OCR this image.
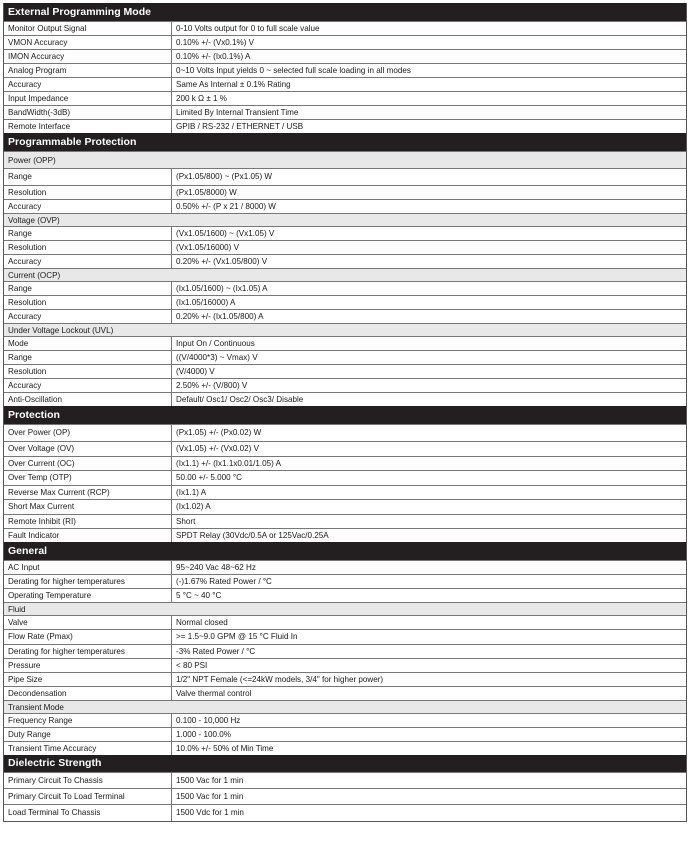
External Programming Mode
Monitor Output Signal	0-10 Volts output for 0 to full scale value
VMON Accuracy	0.10% +/- (Vx0.1%) V
IMON Accuracy	0.10% +/- (Ix0.1%) A
Analog Program	0~10 Volts Input yields 0 ~ selected full scale loading in all modes
Accuracy	Same As Internal ± 0.1% Rating
Input Impedance	200 k Ω ± 1 %
BandWidth(-3dB)	Limited By Internal Transient Time
Remote Interface	GPIB / RS-232 / ETHERNET / USB
Programmable Protection
Power (OPP)
Range	(Px1.05/800) ~ (Px1.05) W
Resolution	(Px1.05/8000) W
Accuracy	0.50% +/- (P x 21 / 8000) W
Voltage (OVP)
Range	(Vx1.05/1600) ~ (Vx1.05) V
Resolution	(Vx1.05/16000) V
Accuracy	0.20% +/- (Vx1.05/800) V
Current (OCP)
Range	(Ix1.05/1600) ~ (Ix1.05) A
Resolution	(Ix1.05/16000) A
Accuracy	0.20% +/- (Ix1.05/800) A
Under Voltage Lockout (UVL)
Mode	Input On / Continuous
Range	((V/4000*3) ~ Vmax) V
Resolution	(V/4000) V
Accuracy	2.50% +/- (V/800) V
Anti-Oscillation	Default/ Osc1/ Osc2/ Osc3/ Disable
Protection
Over Power (OP)	(Px1.05) +/- (Px0.02) W
Over Voltage (OV)	(Vx1.05) +/- (Vx0.02) V
Over Current (OC)	(Ix1.1) +/- (Ix1.1x0.01/1.05) A
Over Temp (OTP)	50.00 +/- 5.000 °C
Reverse Max Current (RCP)	(Ix1.1) A
Short Max Current	(Ix1.02) A
Remote Inhibit (RI)	Short
Fault Indicator	SPDT Relay (30Vdc/0.5A or 125Vac/0.25A
General
AC Input	95~240 Vac 48~62 Hz
Derating for higher temperatures	(-)1.67% Rated Power / °C
Operating Temperature	5 °C ~ 40 °C
Fluid
Valve	Normal closed
Flow Rate (Pmax)	>= 1.5~9.0 GPM @ 15 °C Fluid In
Derating for higher temperatures	-3% Rated Power / °C
Pressure	< 80 PSI
Pipe Size	1/2" NPT Female (<=24kW models, 3/4" for higher power)
Decondensation	Valve thermal control
Transient Mode
Frequency Range	0.100 - 10,000 Hz
Duty Range	1.000 - 100.0%
Transient Time Accuracy	10.0% +/- 50% of Min Time
Dielectric Strength
Primary Circuit To Chassis	1500 Vac for 1 min
Primary Circuit To Load Terminal	1500 Vac for 1 min
Load Terminal To Chassis	1500 Vdc for 1 min
